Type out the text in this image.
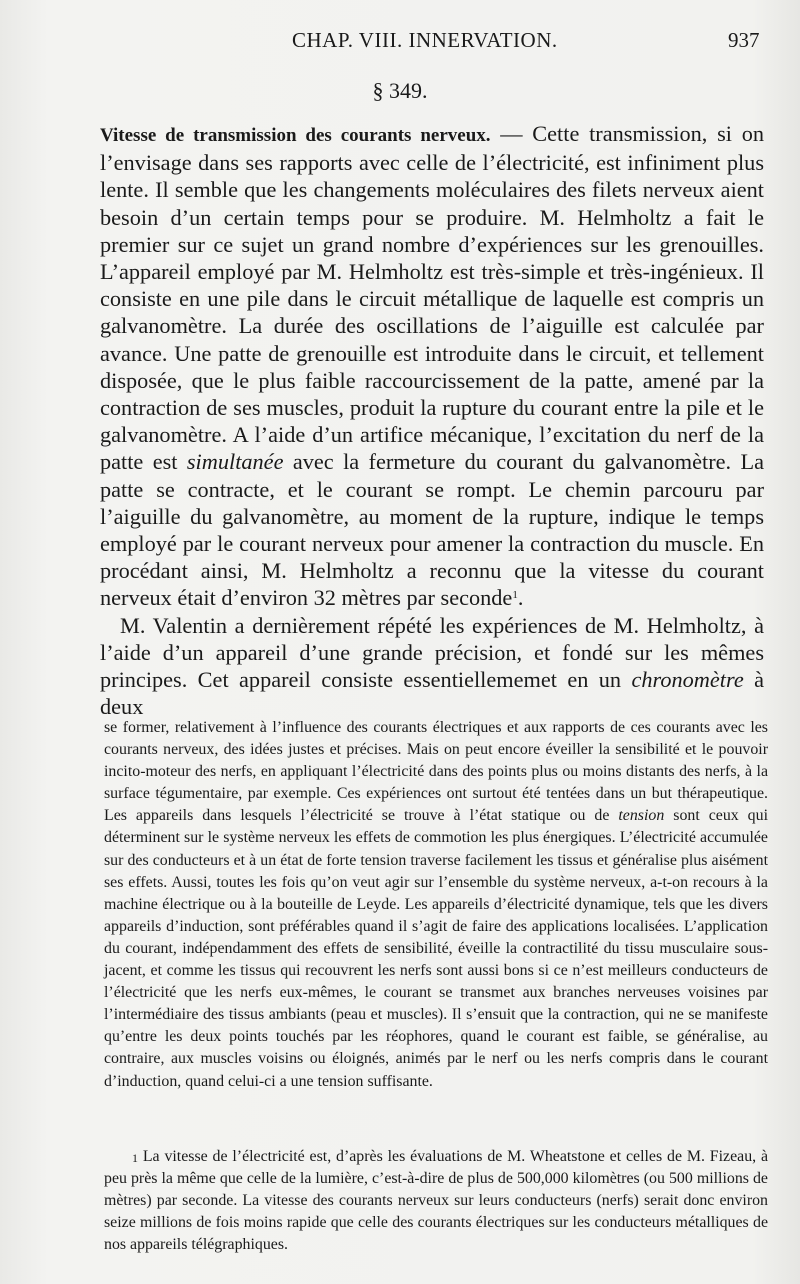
CHAP. VIII. INNERVATION.	937
§ 349.

Vitesse de transmission des courants nerveux. — Cette transmission, si on l’envisage dans ses rapports avec celle de l’électricité, est infiniment plus lente. Il semble que les changements moléculaires des filets nerveux aient besoin d’un certain temps pour se produire. M. Helmholtz a fait le premier sur ce sujet un grand nombre d’expériences sur les grenouilles. L’appareil employé par M. Helmholtz est très-simple et très-ingénieux. Il consiste en une pile dans le circuit métallique de laquelle est compris un galvanomètre. La durée des oscillations de l’aiguille est calculée par avance. Une patte de grenouille est introduite dans le circuit, et tellement disposée, que le plus faible raccourcissement de la patte, amené par la contraction de ses muscles, produit la rupture du courant entre la pile et le galvanomètre. A l’aide d’un artifice mécanique, l’excitation du nerf de la patte est simultanée avec la fermeture du courant du galvanomètre. La patte se contracte, et le courant se rompt. Le chemin parcouru par l’aiguille du galvanomètre, au moment de la rupture, indique le temps employé par le courant nerveux pour amener la contraction du muscle. En procédant ainsi, M. Helmholtz a reconnu que la vitesse du courant nerveux était d’environ 32 mètres par seconde$^1$.

M. Valentin a dernièrement répété les expériences de M. Helmholtz, à l’aide d’un appareil d’une grande précision, et fondé sur les mêmes principes. Cet appareil consiste essentiellememet en un chronomètre à deux

se former, relativement à l’influence des courants électriques et aux rapports de ces courants avec les courants nerveux, des idées justes et précises. Mais on peut encore éveiller la sensibilité et le pouvoir incito-moteur des nerfs, en appliquant l’électricité dans des points plus ou moins distants des nerfs, à la surface tégumentaire, par exemple. Ces expériences ont surtout été tentées dans un but thérapeutique. Les appareils dans lesquels l’électricité se trouve à l’état statique ou de tension sont ceux qui déterminent sur le système nerveux les effets de commotion les plus énergiques. L’électricité accumulée sur des conducteurs et à un état de forte tension traverse facilement les tissus et généralise plus aisément ses effets. Aussi, toutes les fois qu’on veut agir sur l’ensemble du système nerveux, a-t-on recours à la machine électrique ou à la bouteille de Leyde. Les appareils d’électricité dynamique, tels que les divers appareils d’induction, sont préférables quand il s’agit de faire des applications localisées. L’application du courant, indépendamment des effets de sensibilité, éveille la contractilité du tissu musculaire sous-jacent, et comme les tissus qui recouvrent les nerfs sont aussi bons si ce n’est meilleurs conducteurs de l’électricité que les nerfs eux-mêmes, le courant se transmet aux branches nerveuses voisines par l’intermédiaire des tissus ambiants (peau et muscles). Il s’ensuit que la contraction, qui ne se manifeste qu’entre les deux points touchés par les réophores, quand le courant est faible, se généralise, au contraire, aux muscles voisins ou éloignés, animés par le nerf ou les nerfs compris dans le courant d’induction, quand celui-ci a une tension suffisante.

$^1$ La vitesse de l’électricité est, d’après les évaluations de M. Wheatstone et celles de M. Fizeau, à peu près la même que celle de la lumière, c’est-à-dire de plus de 500,000 kilomètres (ou 500 millions de mètres) par seconde. La vitesse des courants nerveux sur leurs conducteurs (nerfs) serait donc environ seize millions de fois moins rapide que celle des courants électriques sur les conducteurs métalliques de nos appareils télégraphiques.
